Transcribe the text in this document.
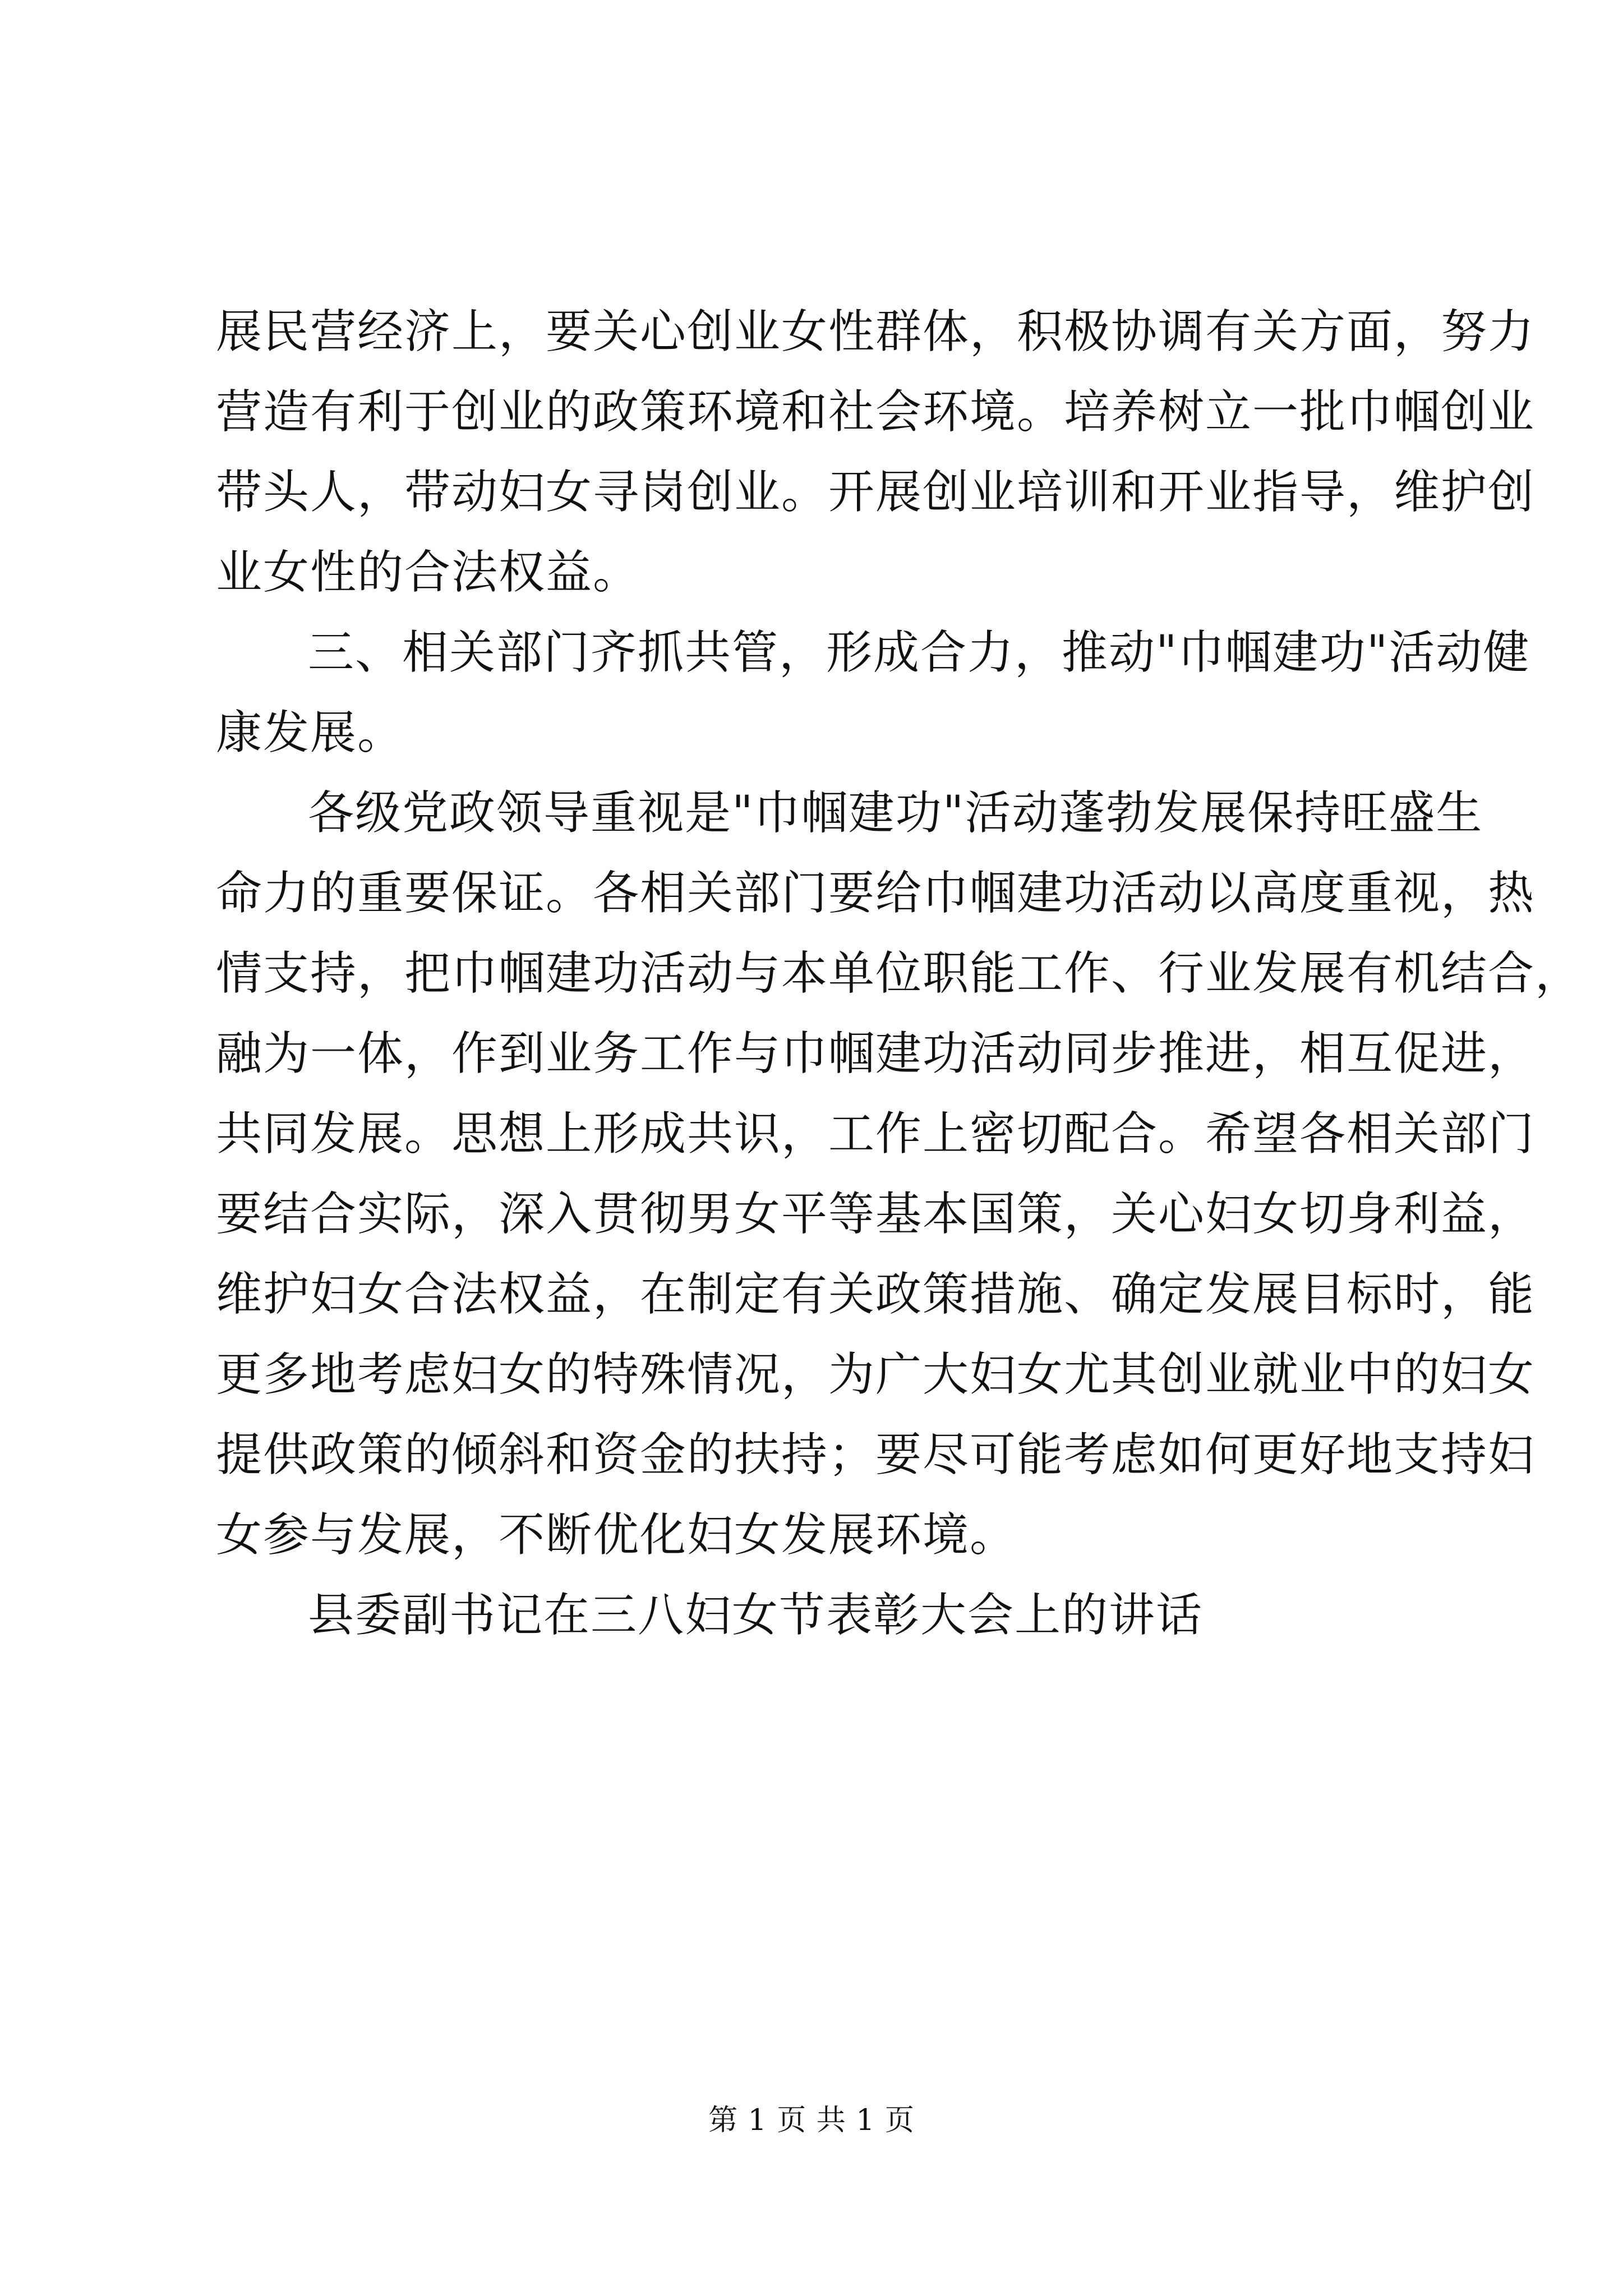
展民营经济上，要关心创业女性群体，积极协调有关方面，努力
营造有利于创业的政策环境和社会环境。培养树立一批巾帼创业
带头人，带动妇女寻岗创业。开展创业培训和开业指导，维护创
业女性的合法权益。
三、相关部门齐抓共管，形成合力，推动"巾帼建功"活动健
康发展。
各级党政领导重视是"巾帼建功"活动蓬勃发展保持旺盛生
命力的重要保证。各相关部门要给巾帼建功活动以高度重视，热
情支持，把巾帼建功活动与本单位职能工作、行业发展有机结合，
融为一体，作到业务工作与巾帼建功活动同步推进，相互促进，
共同发展。思想上形成共识，工作上密切配合。希望各相关部门
要结合实际，深入贯彻男女平等基本国策，关心妇女切身利益，
维护妇女合法权益，在制定有关政策措施、确定发展目标时，能
更多地考虑妇女的特殊情况，为广大妇女尤其创业就业中的妇女
提供政策的倾斜和资金的扶持；要尽可能考虑如何更好地支持妇
女参与发展，不断优化妇女发展环境。
县委副书记在三八妇女节表彰大会上的讲话
第 1 页 共 1 页
